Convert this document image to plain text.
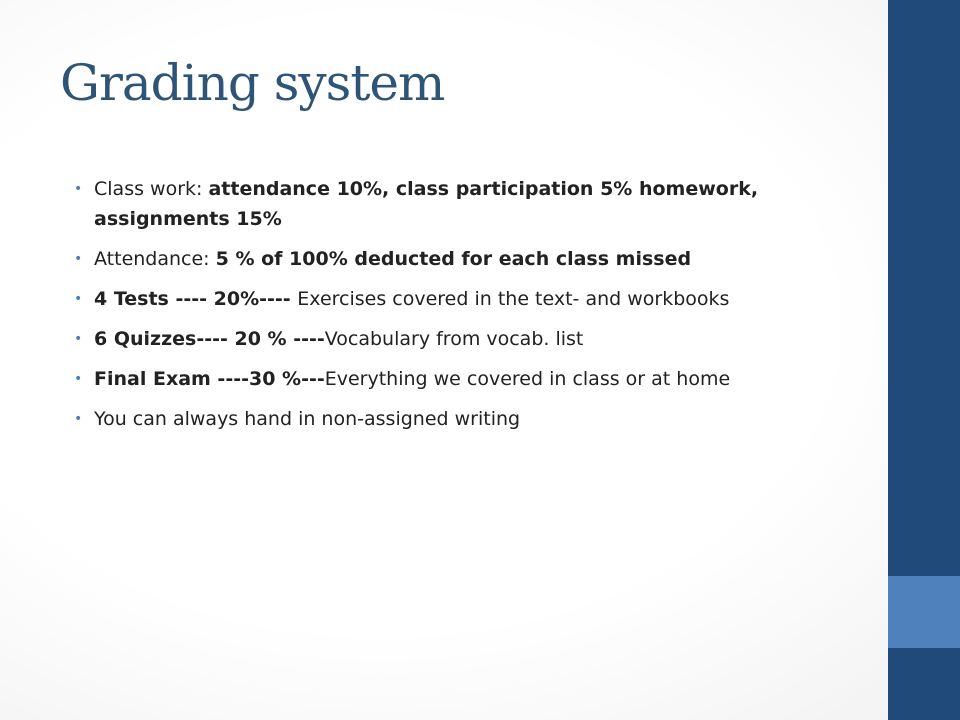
Grading system
• Class work: attendance 10%, class participation 5% homework, assignments 15%
• Attendance: 5 % of 100% deducted for each class missed
• 4 Tests ---- 20%---- Exercises covered in the text- and workbooks
• 6 Quizzes---- 20 % ----Vocabulary from vocab. list
• Final Exam ----30 %---Everything we covered in class or at home
• You can always hand in non-assigned writing
